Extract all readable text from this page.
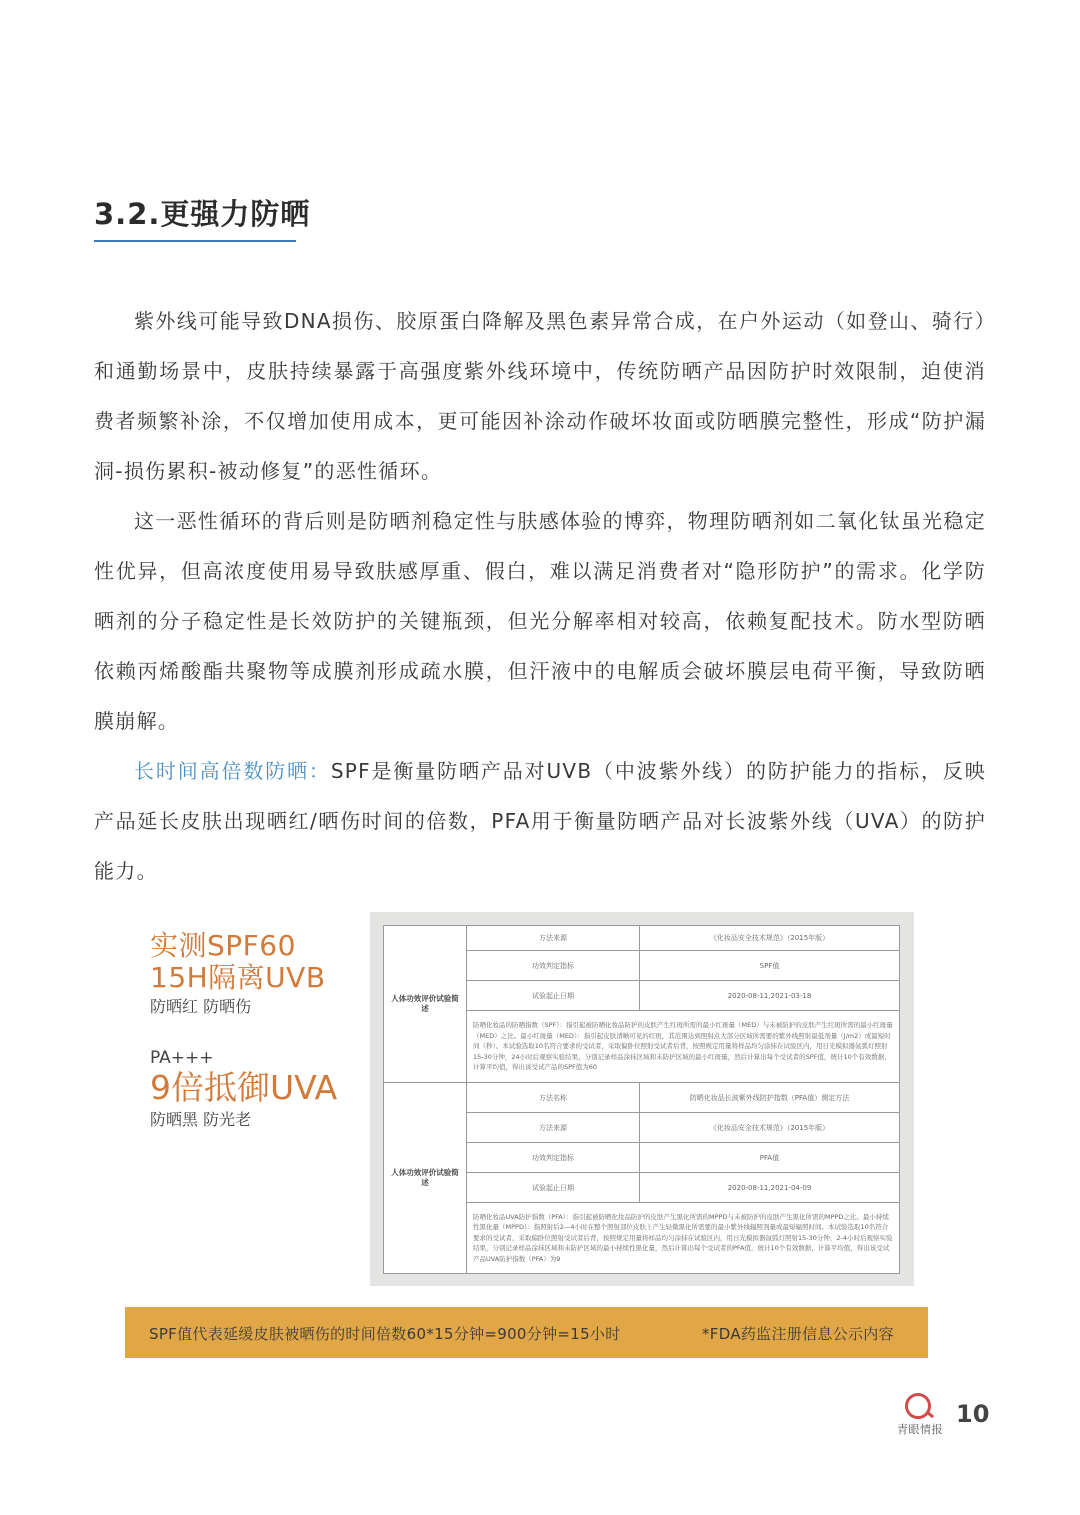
3.2.更强力防晒

紫外线可能导致DNA损伤、胶原蛋白降解及黑色素异常合成，在户外运动（如登山、骑行）和通勤场景中，皮肤持续暴露于高强度紫外线环境中，传统防晒产品因防护时效限制，迫使消费者频繁补涂，不仅增加使用成本，更可能因补涂动作破坏妆面或防晒膜完整性，形成“防护漏洞-损伤累积-被动修复”的恶性循环。

这一恶性循环的背后则是防晒剂稳定性与肤感体验的博弈，物理防晒剂如二氧化钛虽光稳定性优异，但高浓度使用易导致肤感厚重、假白，难以满足消费者对“隐形防护”的需求。化学防晒剂的分子稳定性是长效防护的关键瓶颈，但光分解率相对较高，依赖复配技术。防水型防晒依赖丙烯酸酯共聚物等成膜剂形成疏水膜，但汗液中的电解质会破坏膜层电荷平衡，导致防晒膜崩解。

长时间高倍数防晒：SPF是衡量防晒产品对UVB（中波紫外线）的防护能力的指标，反映产品延长皮肤出现晒红/晒伤时间的倍数，PFA用于衡量防晒产品对长波紫外线（UVA）的防护能力。

实测SPF60
15H隔离UVB
防晒红 防晒伤
PA+++
9倍抵御UVA
防晒黑 防光老
人体功效评价试验简述	方法来源	《化妆品安全技术规范》（2015年版）
	功效判定指标	SPF值
	试验起止日期	2020-08-11,2021-03-18
	防晒化妆品的防晒指数（SPF）：指引起被防晒化妆品防护的皮肤产生红斑所需的最小红斑量（MED）与未被防护的皮肤产生红斑所需的最小红斑量（MED）之比。最小红斑量（MED）：指引起皮肤清晰可见的红斑，其范围达到照射点大部分区域所需要的紫外线照射最低剂量（J/m2）或最短时间（秒）。本试验选取10名符合要求的受试者，采取偏卧位照射受试者后背，按照规定用量将样品均匀涂抹在试验区内，用日光模拟器氙弧灯照射15-30分钟，24小时后观察实验结果，分别记录样品涂抹区域和未防护区域的最小红斑量，然后计算出每个受试者的SPF值，统计10个有效数据，计算平均值，得出该受试产品的SPF值为60	
人体功效评价试验简述	方法名称	防晒化妆品长波紫外线防护指数（PFA值）测定方法
	方法来源	《化妆品安全技术规范》（2015年版）
	功效判定指标	PFA值
	试验起止日期	2020-08-11,2021-04-09
	防晒化妆品UVA防护指数（PFA）：指引起被防晒化妆品防护的皮肤产生黑化所需的MPPD与未被防护的皮肤产生黑化所需的MPPD之比。最小持续性黑化量（MPPD）：指照射后2—4小时在整个照射部位皮肤上产生轻微黑化所需要的最小紫外线辐照剂量或最短辐照时间。本试验选取10名符合要求的受试者，采取偏卧位照射受试者后背，按照规定用量将样品均匀涂抹在试验区内，用日光模拟器氙弧灯照射15-30分钟，2-4小时后观察实验结果，分别记录样品涂抹区域和未防护区域的最小持续性黑化量，然后计算出每个受试者的PFA值，统计10个有效数据，计算平均值，得出该受试产品UVA防护指数（PFA）为9	
SPF值代表延缓皮肤被晒伤的时间倍数60*15分钟=900分钟=15小时	*FDA药监注册信息公示内容
青眼情报
10
